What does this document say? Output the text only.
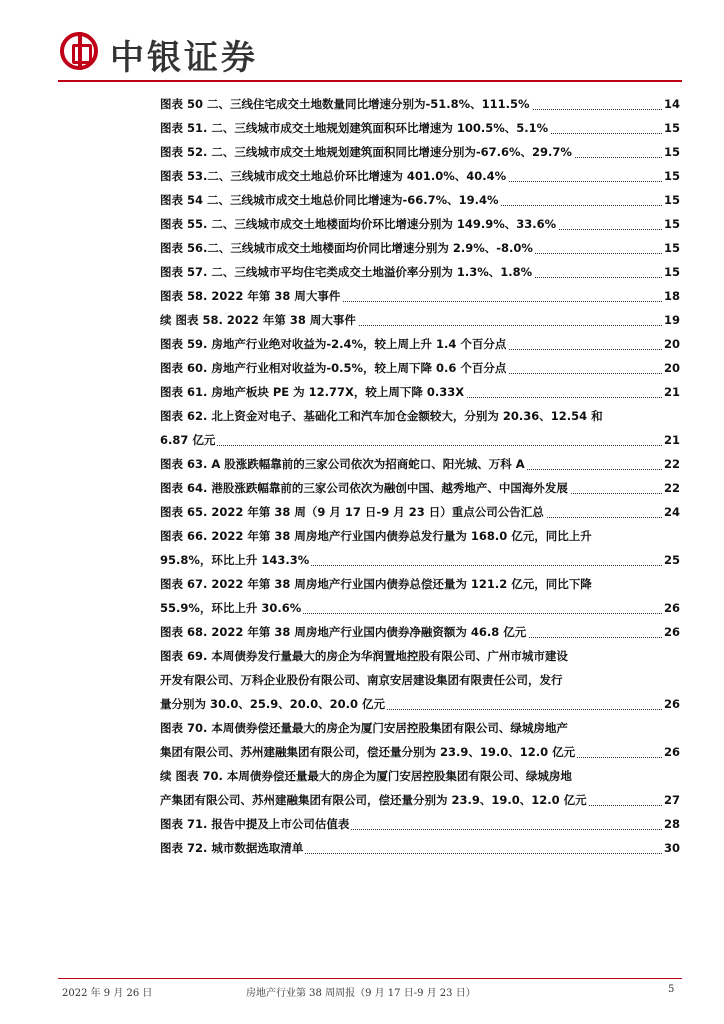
中银证券
图表 50 二、三线住宅成交土地数量同比增速分别为-51.8%、111.5%	14
图表 51. 二、三线城市成交土地规划建筑面积环比增速为 100.5%、5.1%	15
图表 52. 二、三线城市成交土地规划建筑面积同比增速分别为-67.6%、29.7%	15
图表 53.二、三线城市成交土地总价环比增速为 401.0%、40.4%	15
图表 54 二、三线城市成交土地总价同比增速为-66.7%、19.4%	15
图表 55. 二、三线城市成交土地楼面均价环比增速分别为 149.9%、33.6%	15
图表 56.二、三线城市成交土地楼面均价同比增速分别为 2.9%、-8.0%	15
图表 57. 二、三线城市平均住宅类成交土地溢价率分别为 1.3%、1.8%	15
图表 58. 2022 年第 38 周大事件	18
续 图表 58. 2022 年第 38 周大事件	19
图表 59. 房地产行业绝对收益为-2.4%，较上周上升 1.4 个百分点	20
图表 60. 房地产行业相对收益为-0.5%，较上周下降 0.6 个百分点	20
图表 61. 房地产板块 PE 为 12.77X，较上周下降 0.33X	21
图表 62. 北上资金对电子、基础化工和汽车加仓金额较大，分别为 20.36、12.54 和
6.87 亿元	21
图表 63. A 股涨跌幅靠前的三家公司依次为招商蛇口、阳光城、万科 A	22
图表 64. 港股涨跌幅靠前的三家公司依次为融创中国、越秀地产、中国海外发展	22
图表 65. 2022 年第 38 周（9 月 17 日-9 月 23 日）重点公司公告汇总	24
图表 66. 2022 年第 38 周房地产行业国内债券总发行量为 168.0 亿元，同比上升
95.8%，环比上升 143.3%	25
图表 67. 2022 年第 38 周房地产行业国内债券总偿还量为 121.2 亿元，同比下降
55.9%，环比上升 30.6%	26
图表 68. 2022 年第 38 周房地产行业国内债券净融资额为 46.8 亿元	26
图表 69. 本周债券发行量最大的房企为华润置地控股有限公司、广州市城市建设
开发有限公司、万科企业股份有限公司、南京安居建设集团有限责任公司，发行
量分别为 30.0、25.9、20.0、20.0 亿元	26
图表 70. 本周债券偿还量最大的房企为厦门安居控股集团有限公司、绿城房地产
集团有限公司、苏州建融集团有限公司，偿还量分别为 23.9、19.0、12.0 亿元	26
续 图表 70. 本周债券偿还量最大的房企为厦门安居控股集团有限公司、绿城房地
产集团有限公司、苏州建融集团有限公司，偿还量分别为 23.9、19.0、12.0 亿元	27
图表 71. 报告中提及上市公司估值表	28
图表 72. 城市数据选取清单	30
2022 年 9 月 26 日	房地产行业第 38 周周报（9 月 17 日-9 月 23 日）	5
